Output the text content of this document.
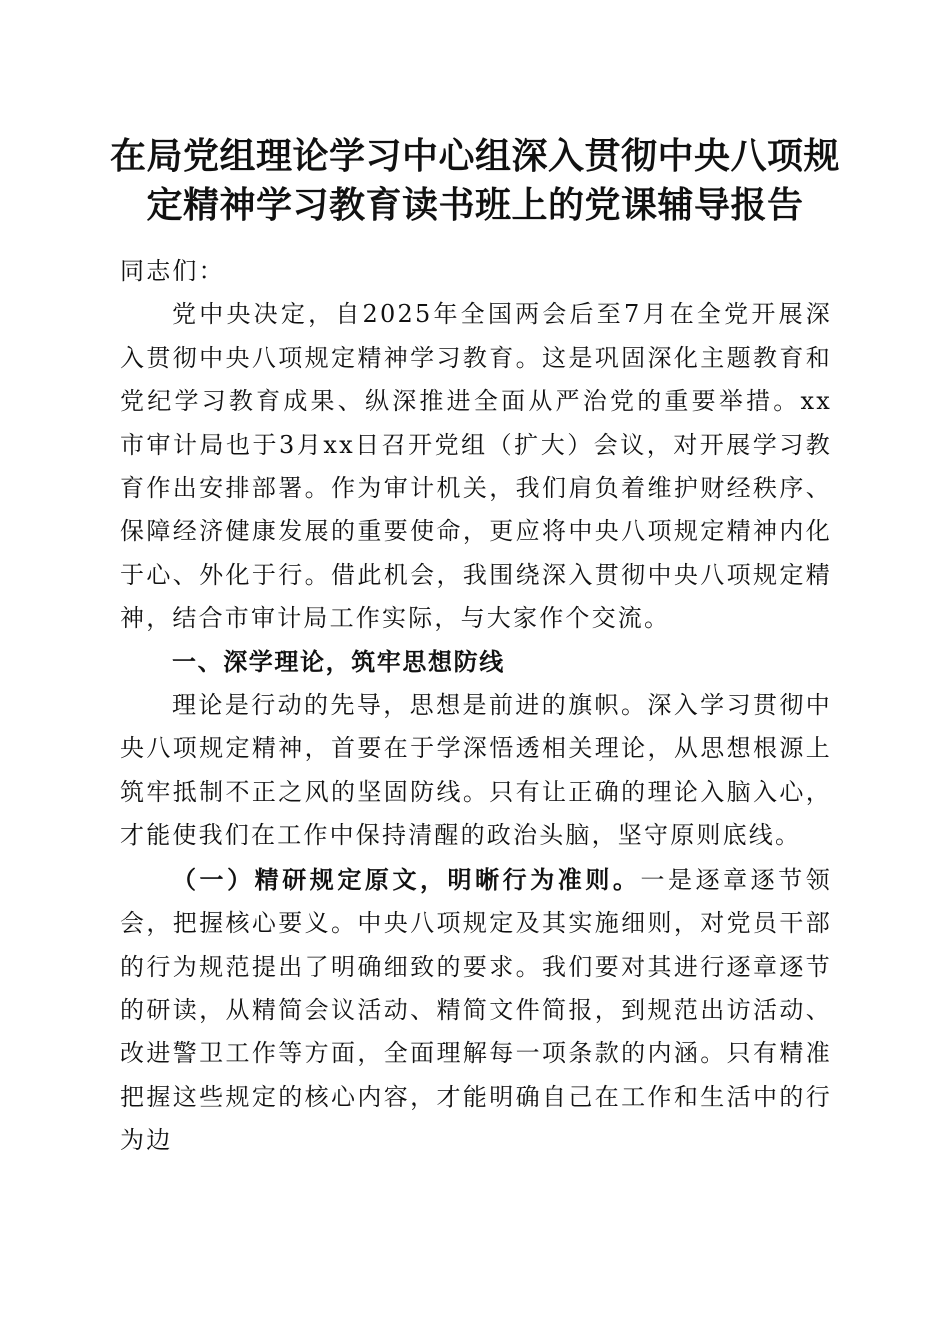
在局党组理论学习中心组深入贯彻中央八项规定精神学习教育读书班上的党课辅导报告

同志们：

党中央决定，自2025年全国两会后至7月在全党开展深入贯彻中央八项规定精神学习教育。这是巩固深化主题教育和党纪学习教育成果、纵深推进全面从严治党的重要举措。xx市审计局也于3月xx日召开党组（扩大）会议，对开展学习教育作出安排部署。作为审计机关，我们肩负着维护财经秩序、保障经济健康发展的重要使命，更应将中央八项规定精神内化于心、外化于行。借此机会，我围绕深入贯彻中央八项规定精神，结合市审计局工作实际，与大家作个交流。

一、深学理论，筑牢思想防线

理论是行动的先导，思想是前进的旗帜。深入学习贯彻中央八项规定精神，首要在于学深悟透相关理论，从思想根源上筑牢抵制不正之风的坚固防线。只有让正确的理论入脑入心，才能使我们在工作中保持清醒的政治头脑，坚守原则底线。

（一）精研规定原文，明晰行为准则。一是逐章逐节领会，把握核心要义。中央八项规定及其实施细则，对党员干部的行为规范提出了明确细致的要求。我们要对其进行逐章逐节的研读，从精简会议活动、精简文件简报，到规范出访活动、改进警卫工作等方面，全面理解每一项条款的内涵。只有精准把握这些规定的核心内容，才能明确自己在工作和生活中的行为边
